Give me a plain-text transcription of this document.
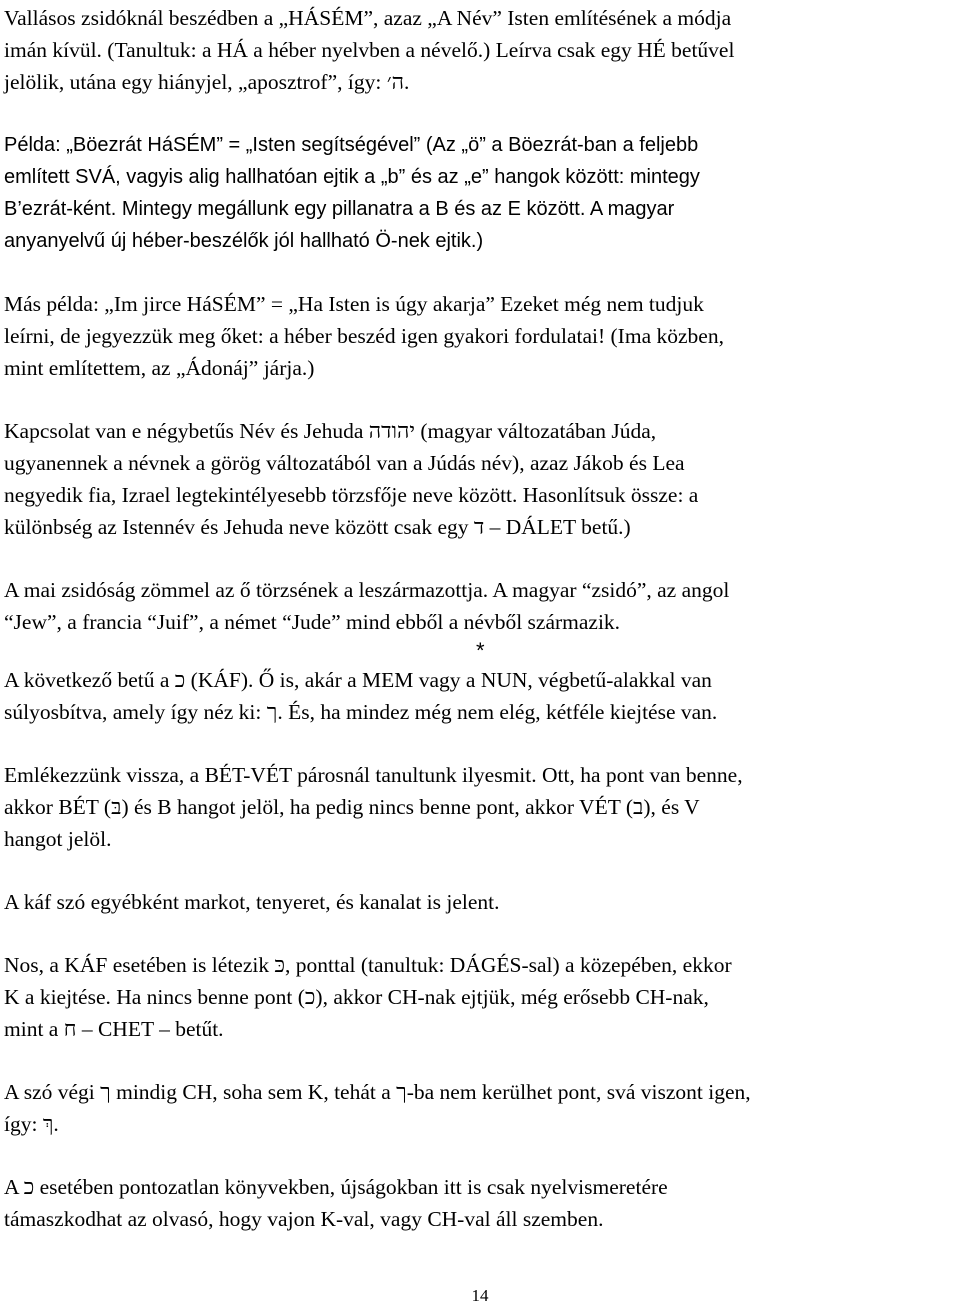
Vallásos zsidóknál beszédben a „HÁSÉM”, azaz „A Név” Isten említésének a módja
imán kívül. (Tanultuk: a HÁ a héber nyelvben a névelő.) Leírva csak egy HÉ betűvel
jelölik, utána egy hiányjel, „aposztrof”, így: ה׳.

Példa: „Böezrát HáSÉM” = „Isten segítségével” (Az „ö” a Böezrát-ban a feljebb
említett SVÁ, vagyis alig hallhatóan ejtik a „b” és az „e” hangok között: mintegy
B’ezrát-ként. Mintegy megállunk egy pillanatra a B és az E között. A magyar
anyanyelvű új héber-beszélők jól hallható Ö-nek ejtik.)

Más példa: „Im jirce HáSÉM” = „Ha Isten is úgy akarja” Ezeket még nem tudjuk
leírni, de jegyezzük meg őket: a héber beszéd igen gyakori fordulatai! (Ima közben,
mint említettem, az „Ádonáj” járja.)

Kapcsolat van e négybetűs Név és Jehuda יהודה (magyar változatában Júda,
ugyanennek a névnek a görög változatából van a Júdás név), azaz Jákob és Lea
negyedik fia, Izrael legtekintélyesebb törzsfője neve között. Hasonlítsuk össze: a
különbség az Istennév és Jehuda neve között csak egy ד – DÁLET betű.)

A mai zsidóság zömmel az ő törzsének a leszármazottja. A magyar “zsidó”, az angol
“Jew”, a francia “Juif”, a német “Jude” mind ebből a névből származik.

*

A következő betű a כ (KÁF). Ő is, akár a MEM vagy a NUN, végbetű-alakkal van
súlyosbítva, amely így néz ki: ך. És, ha mindez még nem elég, kétféle kiejtése van.

Emlékezzünk vissza, a BÉT-VÉT párosnál tanultunk ilyesmit. Ott, ha pont van benne,
akkor BÉT (בּ) és B hangot jelöl, ha pedig nincs benne pont, akkor VÉT (ב), és V
hangot jelöl.

A káf szó egyébként markot, tenyeret, és kanalat is jelent.

Nos, a KÁF esetében is létezik כּ, ponttal (tanultuk: DÁGÉS-sal) a közepében, ekkor
K a kiejtése. Ha nincs benne pont (כ), akkor CH-nak ejtjük, még erősebb CH-nak,
mint a ח – CHET – betűt.

A szó végi ך mindig CH, soha sem K, tehát a ך-ba nem kerülhet pont, svá viszont igen,
így: ךְ.

A כ esetében pontozatlan könyvekben, újságokban itt is csak nyelvismeretére
támaszkodhat az olvasó, hogy vajon K-val, vagy CH-val áll szemben.

14
